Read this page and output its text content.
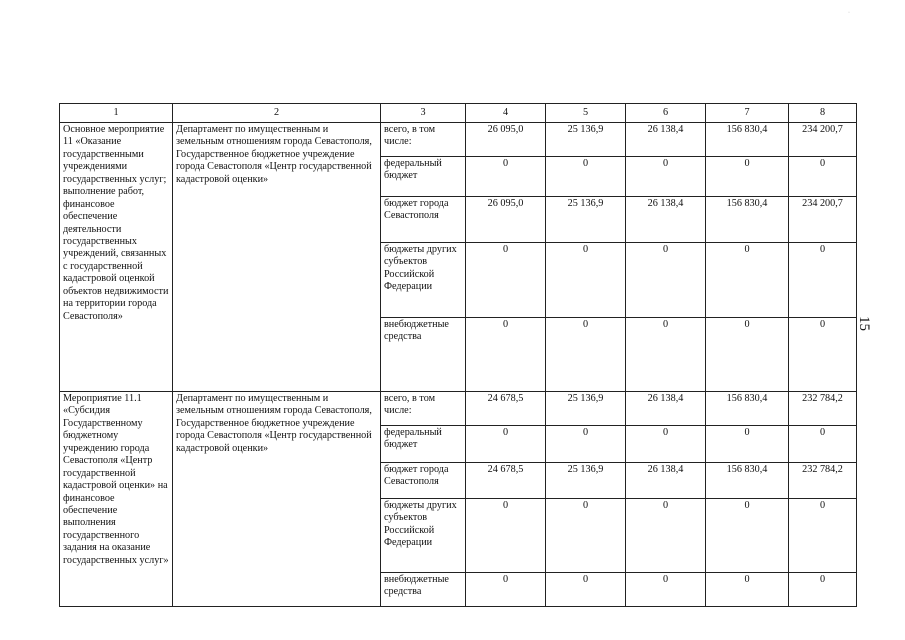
·
15
1	2	3	4	5	6	7	8
Основное мероприятие 11 «Оказание государственными учреждениями государственных услуг; выполнение работ, финансовое обеспечение деятельности государственных учреждений, связанных с государственной кадастровой оценкой объектов недвижимости на территории города Севастополя»	Департамент по имущественным и земельным отношениям города Севастополя, Государственное бюджетное учреждение города Севастополя «Центр государственной кадастровой оценки»	всего, в том числе:	26 095,0	25 136,9	26 138,4	156 830,4	234 200,7
		федеральный бюджет	0	0	0	0	0

		бюджет города Севастополя	26 095,0	25 136,9	26 138,4	156 830,4	234 200,7
		бюджеты других субъектов Российской Федерации	0	0	0	0	0
		внебюджетные средства	0	0	0	0	0
Мероприятие 11.1 «Субсидия Государственному бюджетному учреждению города Севастополя «Центр государственной кадастровой оценки» на финансовое обеспечение выполнения государственного задания на оказание государственных услуг»	Департамент по имущественным и земельным отношениям города Севастополя, Государственное бюджетное учреждение города Севастополя «Центр государственной кадастровой оценки»	всего, в том числе:	24 678,5	25 136,9	26 138,4	156 830,4	232 784,2
		федеральный бюджет	0	0	0	0	0

		бюджет города Севастополя	24 678,5	25 136,9	26 138,4	156 830,4	232 784,2
		бюджеты других субъектов Российской Федерации	0	0	0	0	0
		внебюджетные средства	0	0	0	0	0
